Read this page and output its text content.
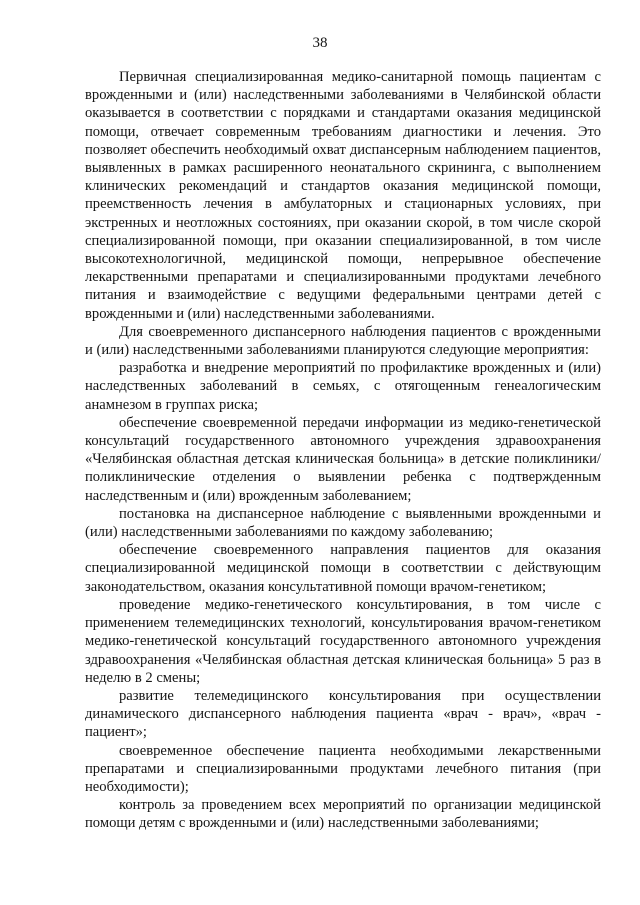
38

Первичная специализированная медико-санитарной помощь пациентам с врожденными и (или) наследственными заболеваниями в Челябинской области оказывается в соответствии с порядками и стандартами оказания медицинской помощи, отвечает современным требованиям диагностики и лечения. Это позволяет обеспечить необходимый охват диспансерным наблюдением пациентов, выявленных в рамках расширенного неонатального скрининга, с выполнением клинических рекомендаций и стандартов оказания медицинской помощи, преемственность лечения в амбулаторных и стационарных условиях, при экстренных и неотложных состояниях, при оказании скорой, в том числе скорой специализированной помощи, при оказании специализированной, в том числе высокотехнологичной, медицинской помощи, непрерывное обеспечение лекарственными препаратами и специализированными продуктами лечебного питания и взаимодействие с ведущими федеральными центрами детей с врожденными и (или) наследственными заболеваниями.

Для своевременного диспансерного наблюдения пациентов с врожденными и (или) наследственными заболеваниями планируются следующие мероприятия:

разработка и внедрение мероприятий по профилактике врожденных и (или) наследственных заболеваний в семьях, с отягощенным генеалогическим анамнезом в группах риска;

обеспечение своевременной передачи информации из медико-генетической консультаций государственного автономного учреждения здравоохранения «Челябинская областная детская клиническая больница» в детские поликлиники/поликлинические отделения о выявлении ребенка с подтвержденным наследственным и (или) врожденным заболеванием;

постановка на диспансерное наблюдение с выявленными врожденными и (или) наследственными заболеваниями по каждому заболеванию;

обеспечение своевременного направления пациентов для оказания специализированной медицинской помощи в соответствии с действующим законодательством, оказания консультативной помощи врачом-генетиком;

проведение медико-генетического консультирования, в том числе с применением телемедицинских технологий, консультирования врачом-генетиком медико-генетической консультаций государственного автономного учреждения здравоохранения «Челябинская областная детская клиническая больница» 5 раз в неделю в 2 смены;

развитие телемедицинского консультирования при осуществлении динамического диспансерного наблюдения пациента «врач - врач», «врач - пациент»;

своевременное обеспечение пациента необходимыми лекарственными препаратами и специализированными продуктами лечебного питания (при необходимости);

контроль за проведением всех мероприятий по организации медицинской помощи детям с врожденными и (или) наследственными заболеваниями;
